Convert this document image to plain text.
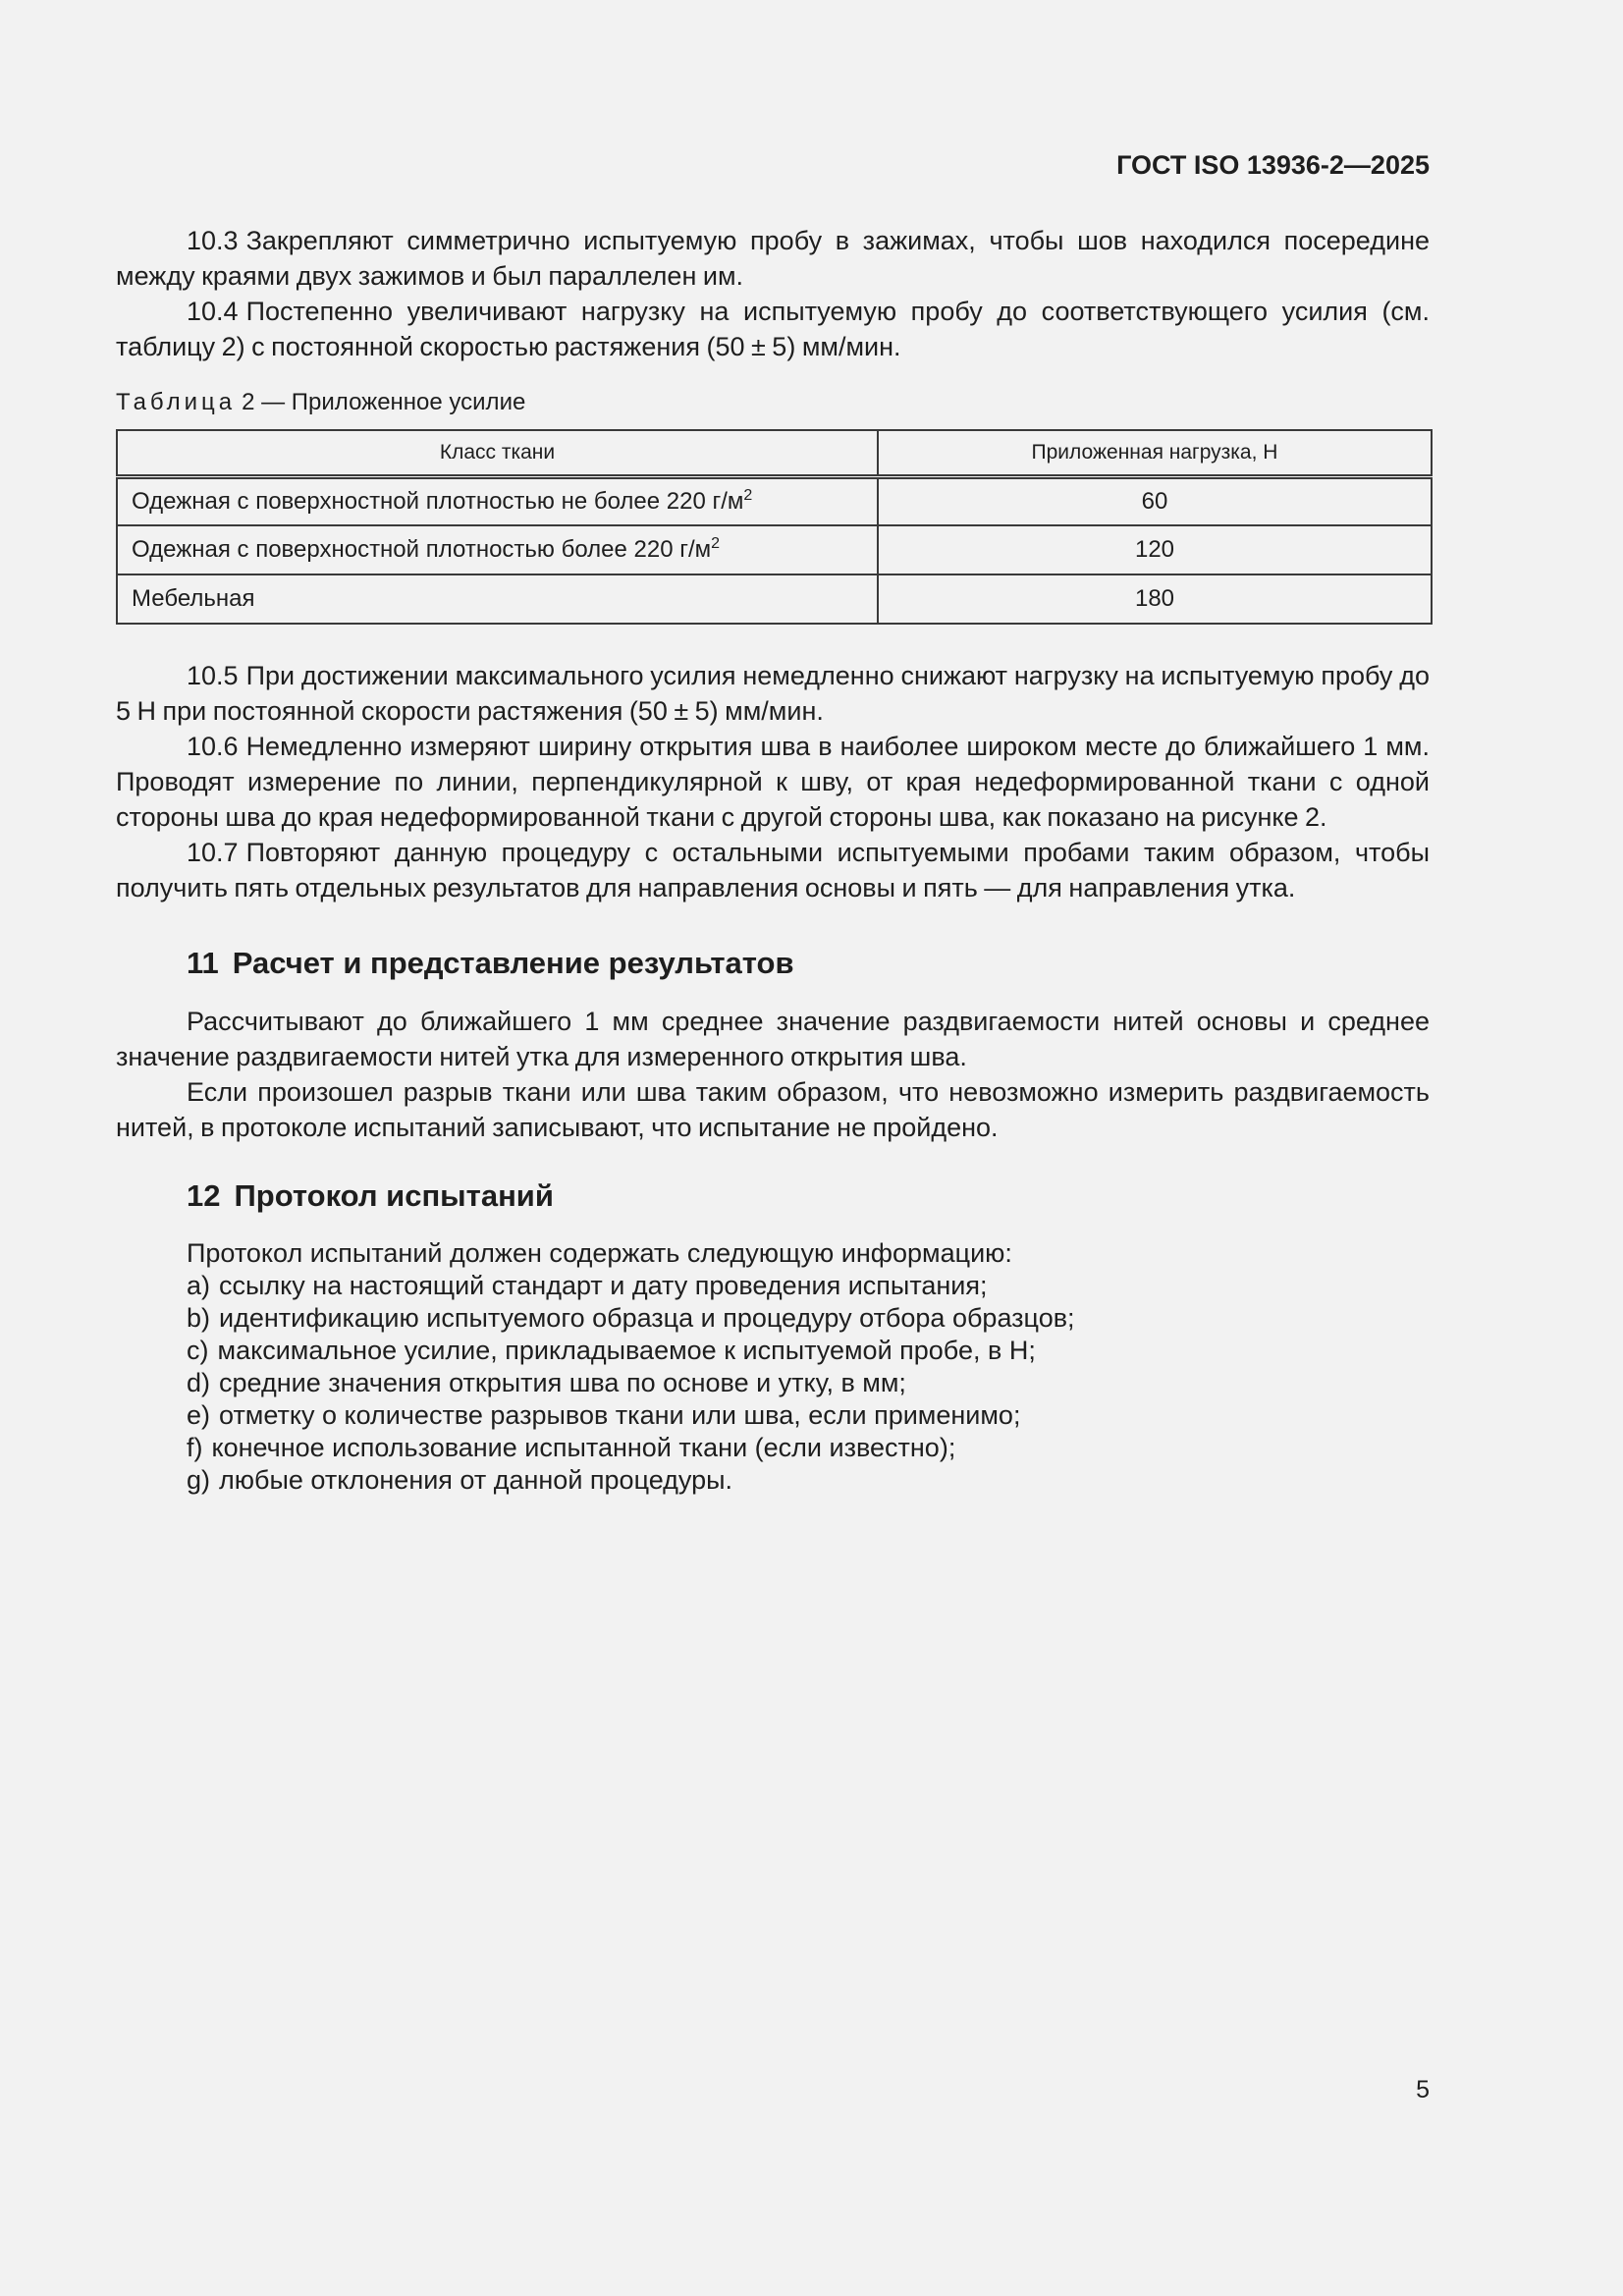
ГОСТ ISO 13936-2—2025

10.3 Закрепляют симметрично испытуемую пробу в зажимах, чтобы шов находился посередине между краями двух зажимов и был параллелен им.

10.4 Постепенно увеличивают нагрузку на испытуемую пробу до соответствующего усилия (см. таблицу 2) с постоянной скоростью растяжения (50 ± 5) мм/мин.

Таблица 2 — Приложенное усилие
Класс ткани	Приложенная нагрузка, Н
Одежная с поверхностной плотностью не более 220 $г/м^2$	60
Одежная с поверхностной плотностью более 220 $г/м^2$	120
Мебельная	180

10.5 При достижении максимального усилия немедленно снижают нагрузку на испытуемую пробу до 5 Н при постоянной скорости растяжения (50 ± 5) мм/мин.

10.6 Немедленно измеряют ширину открытия шва в наиболее широком месте до ближайшего 1 мм. Проводят измерение по линии, перпендикулярной к шву, от края недеформированной ткани с одной стороны шва до края недеформированной ткани с другой стороны шва, как показано на рисунке 2.

10.7 Повторяют данную процедуру с остальными испытуемыми пробами таким образом, чтобы получить пять отдельных результатов для направления основы и пять — для направления утка.

11 Расчет и представление результатов

Рассчитывают до ближайшего 1 мм среднее значение раздвигаемости нитей основы и среднее значение раздвигаемости нитей утка для измеренного открытия шва.

Если произошел разрыв ткани или шва таким образом, что невозможно измерить раздвигаемость нитей, в протоколе испытаний записывают, что испытание не пройдено.

12 Протокол испытаний
Протокол испытаний должен содержать следующую информацию:
a) ссылку на настоящий стандарт и дату проведения испытания;
b) идентификацию испытуемого образца и процедуру отбора образцов;
c) максимальное усилие, прикладываемое к испытуемой пробе, в Н;
d) средние значения открытия шва по основе и утку, в мм;
e) отметку о количестве разрывов ткани или шва, если применимо;
f) конечное использование испытанной ткани (если известно);
g) любые отклонения от данной процедуры.
5
